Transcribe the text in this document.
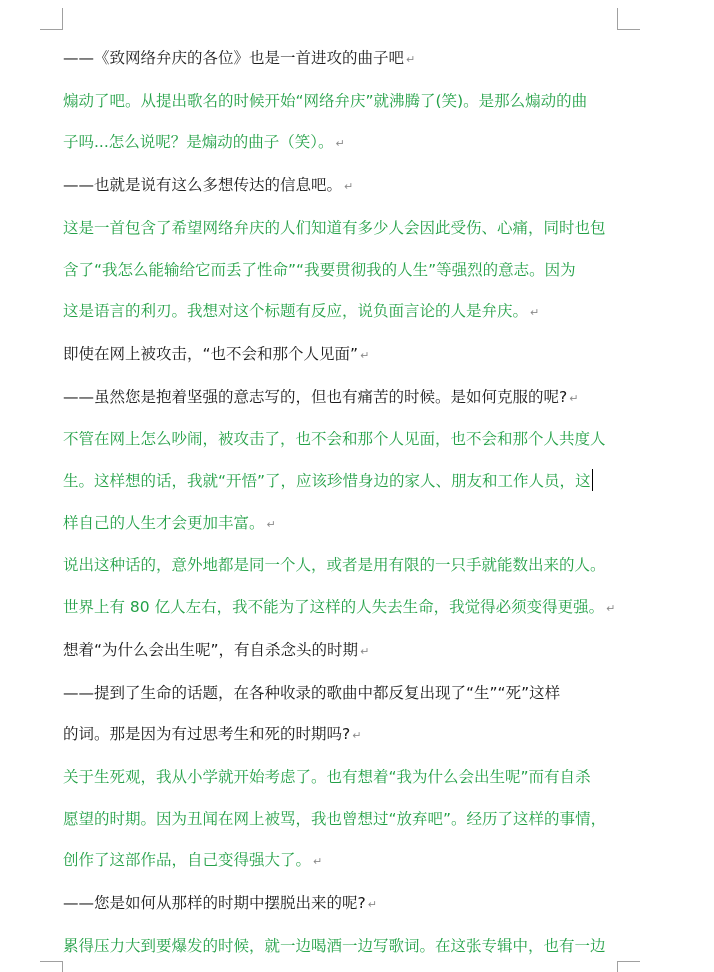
——《致网络弁庆的各位》也是一首进攻的曲子吧 ↵

煽动了吧。从提出歌名的时候开始“网络弁庆”就沸腾了(笑)。是那么煽动的曲
子吗...怎么说呢？是煽动的曲子（笑）。 ↵

——也就是说有这么多想传达的信息吧。 ↵

这是一首包含了希望网络弁庆的人们知道有多少人会因此受伤、心痛，同时也包
含了“我怎么能输给它而丢了性命”“我要贯彻我的人生”等强烈的意志。因为
这是语言的利刃。我想对这个标题有反应，说负面言论的人是弁庆。 ↵

即使在网上被攻击，“也不会和那个人见面” ↵

——虽然您是抱着坚强的意志写的，但也有痛苦的时候。是如何克服的呢? ↵

不管在网上怎么吵闹，被攻击了，也不会和那个人见面，也不会和那个人共度人
生。这样想的话，我就“开悟”了，应该珍惜身边的家人、朋友和工作人员，这
样自己的人生才会更加丰富。 ↵

说出这种话的，意外地都是同一个人，或者是用有限的一只手就能数出来的人。
世界上有 80 亿人左右，我不能为了这样的人失去生命，我觉得必须变得更强。 ↵

想着“为什么会出生呢”，有自杀念头的时期 ↵

——提到了生命的话题，在各种收录的歌曲中都反复出现了“生”“死”这样
的词。那是因为有过思考生和死的时期吗? ↵

关于生死观，我从小学就开始考虑了。也有想着“我为什么会出生呢”而有自杀
愿望的时期。因为丑闻在网上被骂，我也曾想过“放弃吧”。经历了这样的事情，
创作了这部作品，自己变得强大了。 ↵

——您是如何从那样的时期中摆脱出来的呢? ↵

累得压力大到要爆发的时候，就一边喝酒一边写歌词。在这张专辑中，也有一边
